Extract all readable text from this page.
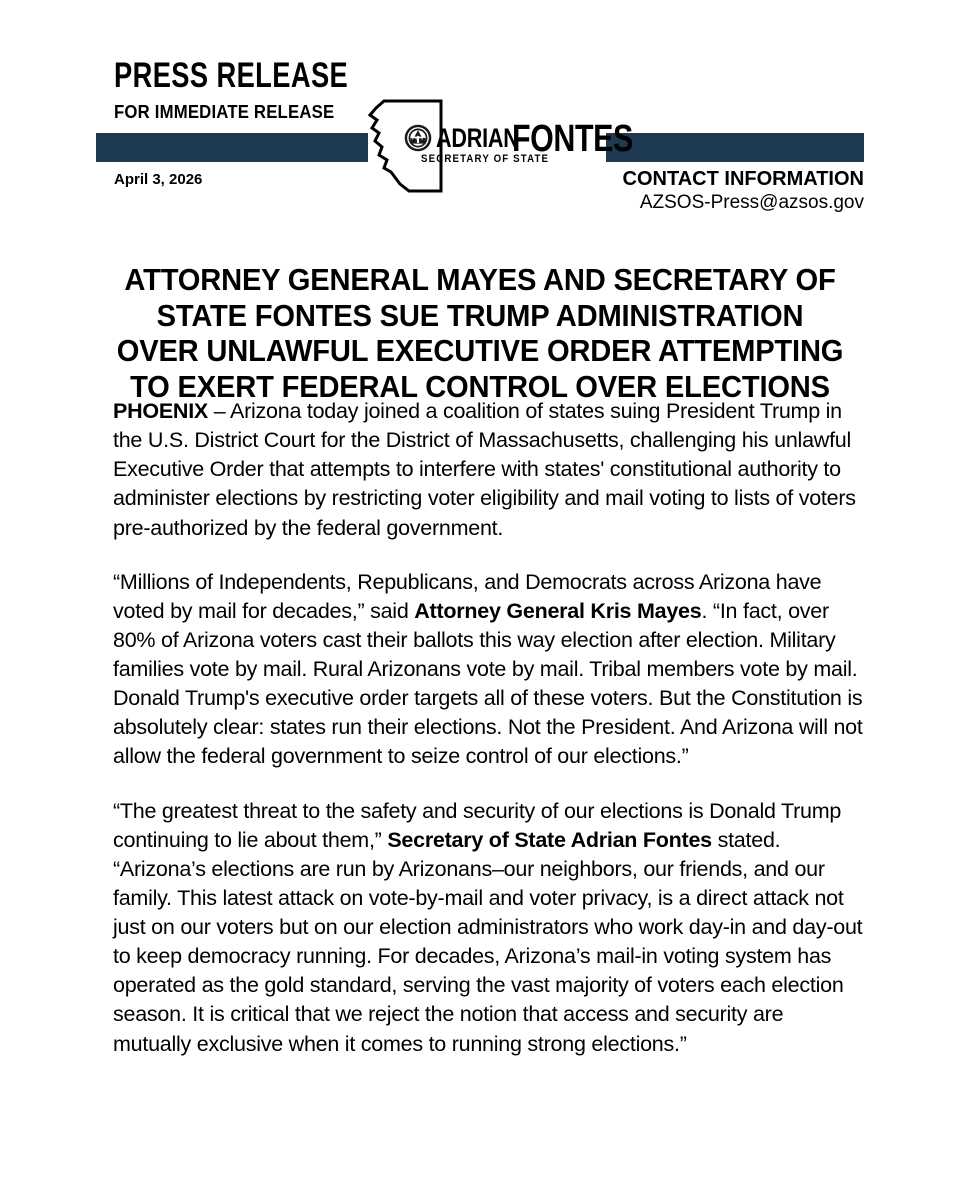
PRESS RELEASE
FOR IMMEDIATE RELEASE
April 3, 2026
ADRIAN
FONTES
SECRETARY OF STATE
CONTACT INFORMATION
AZSOS-Press@azsos.gov
ATTORNEY GENERAL MAYES AND SECRETARY OF
STATE FONTES SUE TRUMP ADMINISTRATION
OVER UNLAWFUL EXECUTIVE ORDER ATTEMPTING
TO EXERT FEDERAL CONTROL OVER ELECTIONS

PHOENIX – Arizona today joined a coalition of states suing President Trump in the U.S. District Court for the District of Massachusetts, challenging his unlawful Executive Order that attempts to interfere with states' constitutional authority to administer elections by restricting voter eligibility and mail voting to lists of voters pre-authorized by the federal government.

“Millions of Independents, Republicans, and Democrats across Arizona have voted by mail for decades,” said Attorney General Kris Mayes. “In fact, over 80% of Arizona voters cast their ballots this way election after election. Military families vote by mail. Rural Arizonans vote by mail. Tribal members vote by mail. Donald Trump's executive order targets all of these voters. But the Constitution is absolutely clear: states run their elections. Not the President. And Arizona will not allow the federal government to seize control of our elections.”

“The greatest threat to the safety and security of our elections is Donald Trump continuing to lie about them,” Secretary of State Adrian Fontes stated. “Arizona’s elections are run by Arizonans–our neighbors, our friends, and our family. This latest attack on vote-by-mail and voter privacy, is a direct attack not just on our voters but on our election administrators who work day-in and day-out to keep democracy running. For decades, Arizona’s mail-in voting system has operated as the gold standard, serving the vast majority of voters each election season. It is critical that we reject the notion that access and security are mutually exclusive when it comes to running strong elections.”
